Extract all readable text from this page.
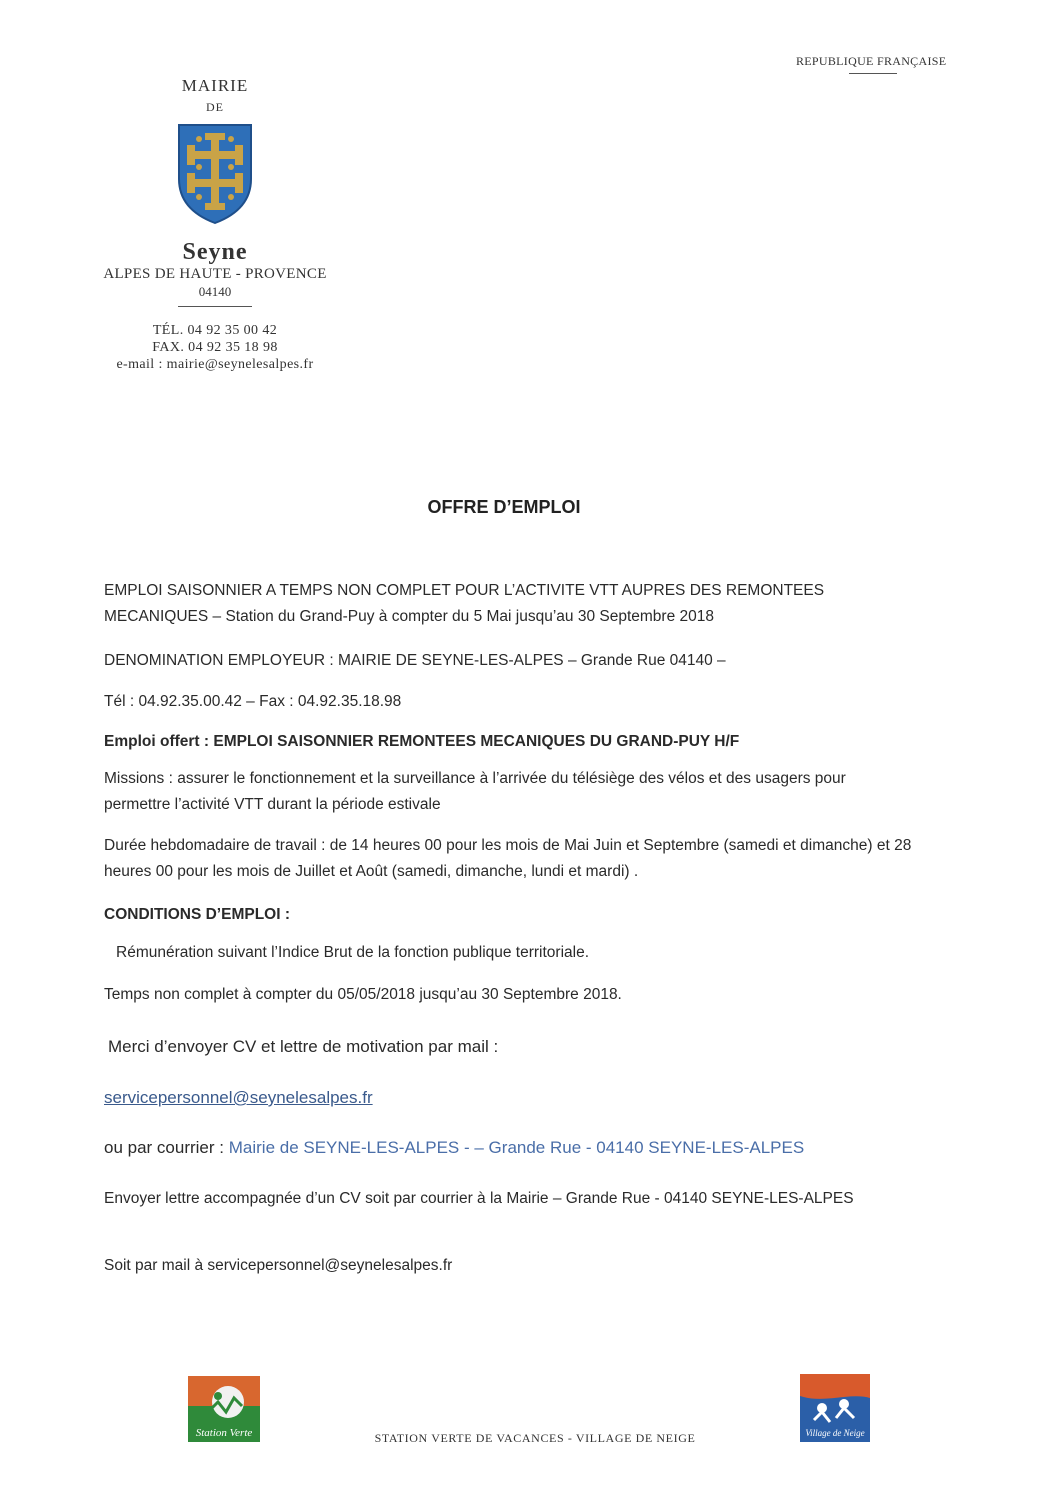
REPUBLIQUE FRANÇAISE
MAIRIE
DE
Seyne
ALPES DE HAUTE - PROVENCE
04140
TÉL. 04 92 35 00 42
FAX. 04 92 35 18 98
e-mail : mairie@seynelesalpes.fr
OFFRE D’EMPLOI
EMPLOI SAISONNIER A TEMPS NON COMPLET POUR L’ACTIVITE VTT AUPRES DES REMONTEES MECANIQUES – Station du Grand-Puy à compter du 5 Mai jusqu’au 30 Septembre 2018
DENOMINATION EMPLOYEUR : MAIRIE DE SEYNE-LES-ALPES – Grande Rue 04140 –
Tél : 04.92.35.00.42 – Fax : 04.92.35.18.98
Emploi offert : EMPLOI SAISONNIER REMONTEES MECANIQUES DU GRAND-PUY H/F
Missions : assurer le fonctionnement et la surveillance à l’arrivée du télésiège des vélos et des usagers pour permettre l’activité VTT durant la période estivale
Durée hebdomadaire de travail : de 14 heures 00 pour les mois de Mai Juin et Septembre (samedi et dimanche) et 28 heures 00 pour les mois de Juillet et Août (samedi, dimanche, lundi et mardi) .
CONDITIONS D’EMPLOI :
Rémunération suivant l’Indice Brut de la fonction publique territoriale.
Temps non complet à compter du 05/05/2018 jusqu’au 30 Septembre 2018.
Merci d’envoyer CV et lettre de motivation par mail :
servicepersonnel@seynelesalpes.fr
ou par courrier : Mairie de SEYNE-LES-ALPES - – Grande Rue - 04140 SEYNE-LES-ALPES
Envoyer lettre accompagnée d’un CV soit par courrier à la Mairie – Grande Rue - 04140 SEYNE-LES-ALPES
Soit par mail à servicepersonnel@seynelesalpes.fr
Station Verte	Village de Neige
STATION VERTE DE VACANCES - VILLAGE DE NEIGE
